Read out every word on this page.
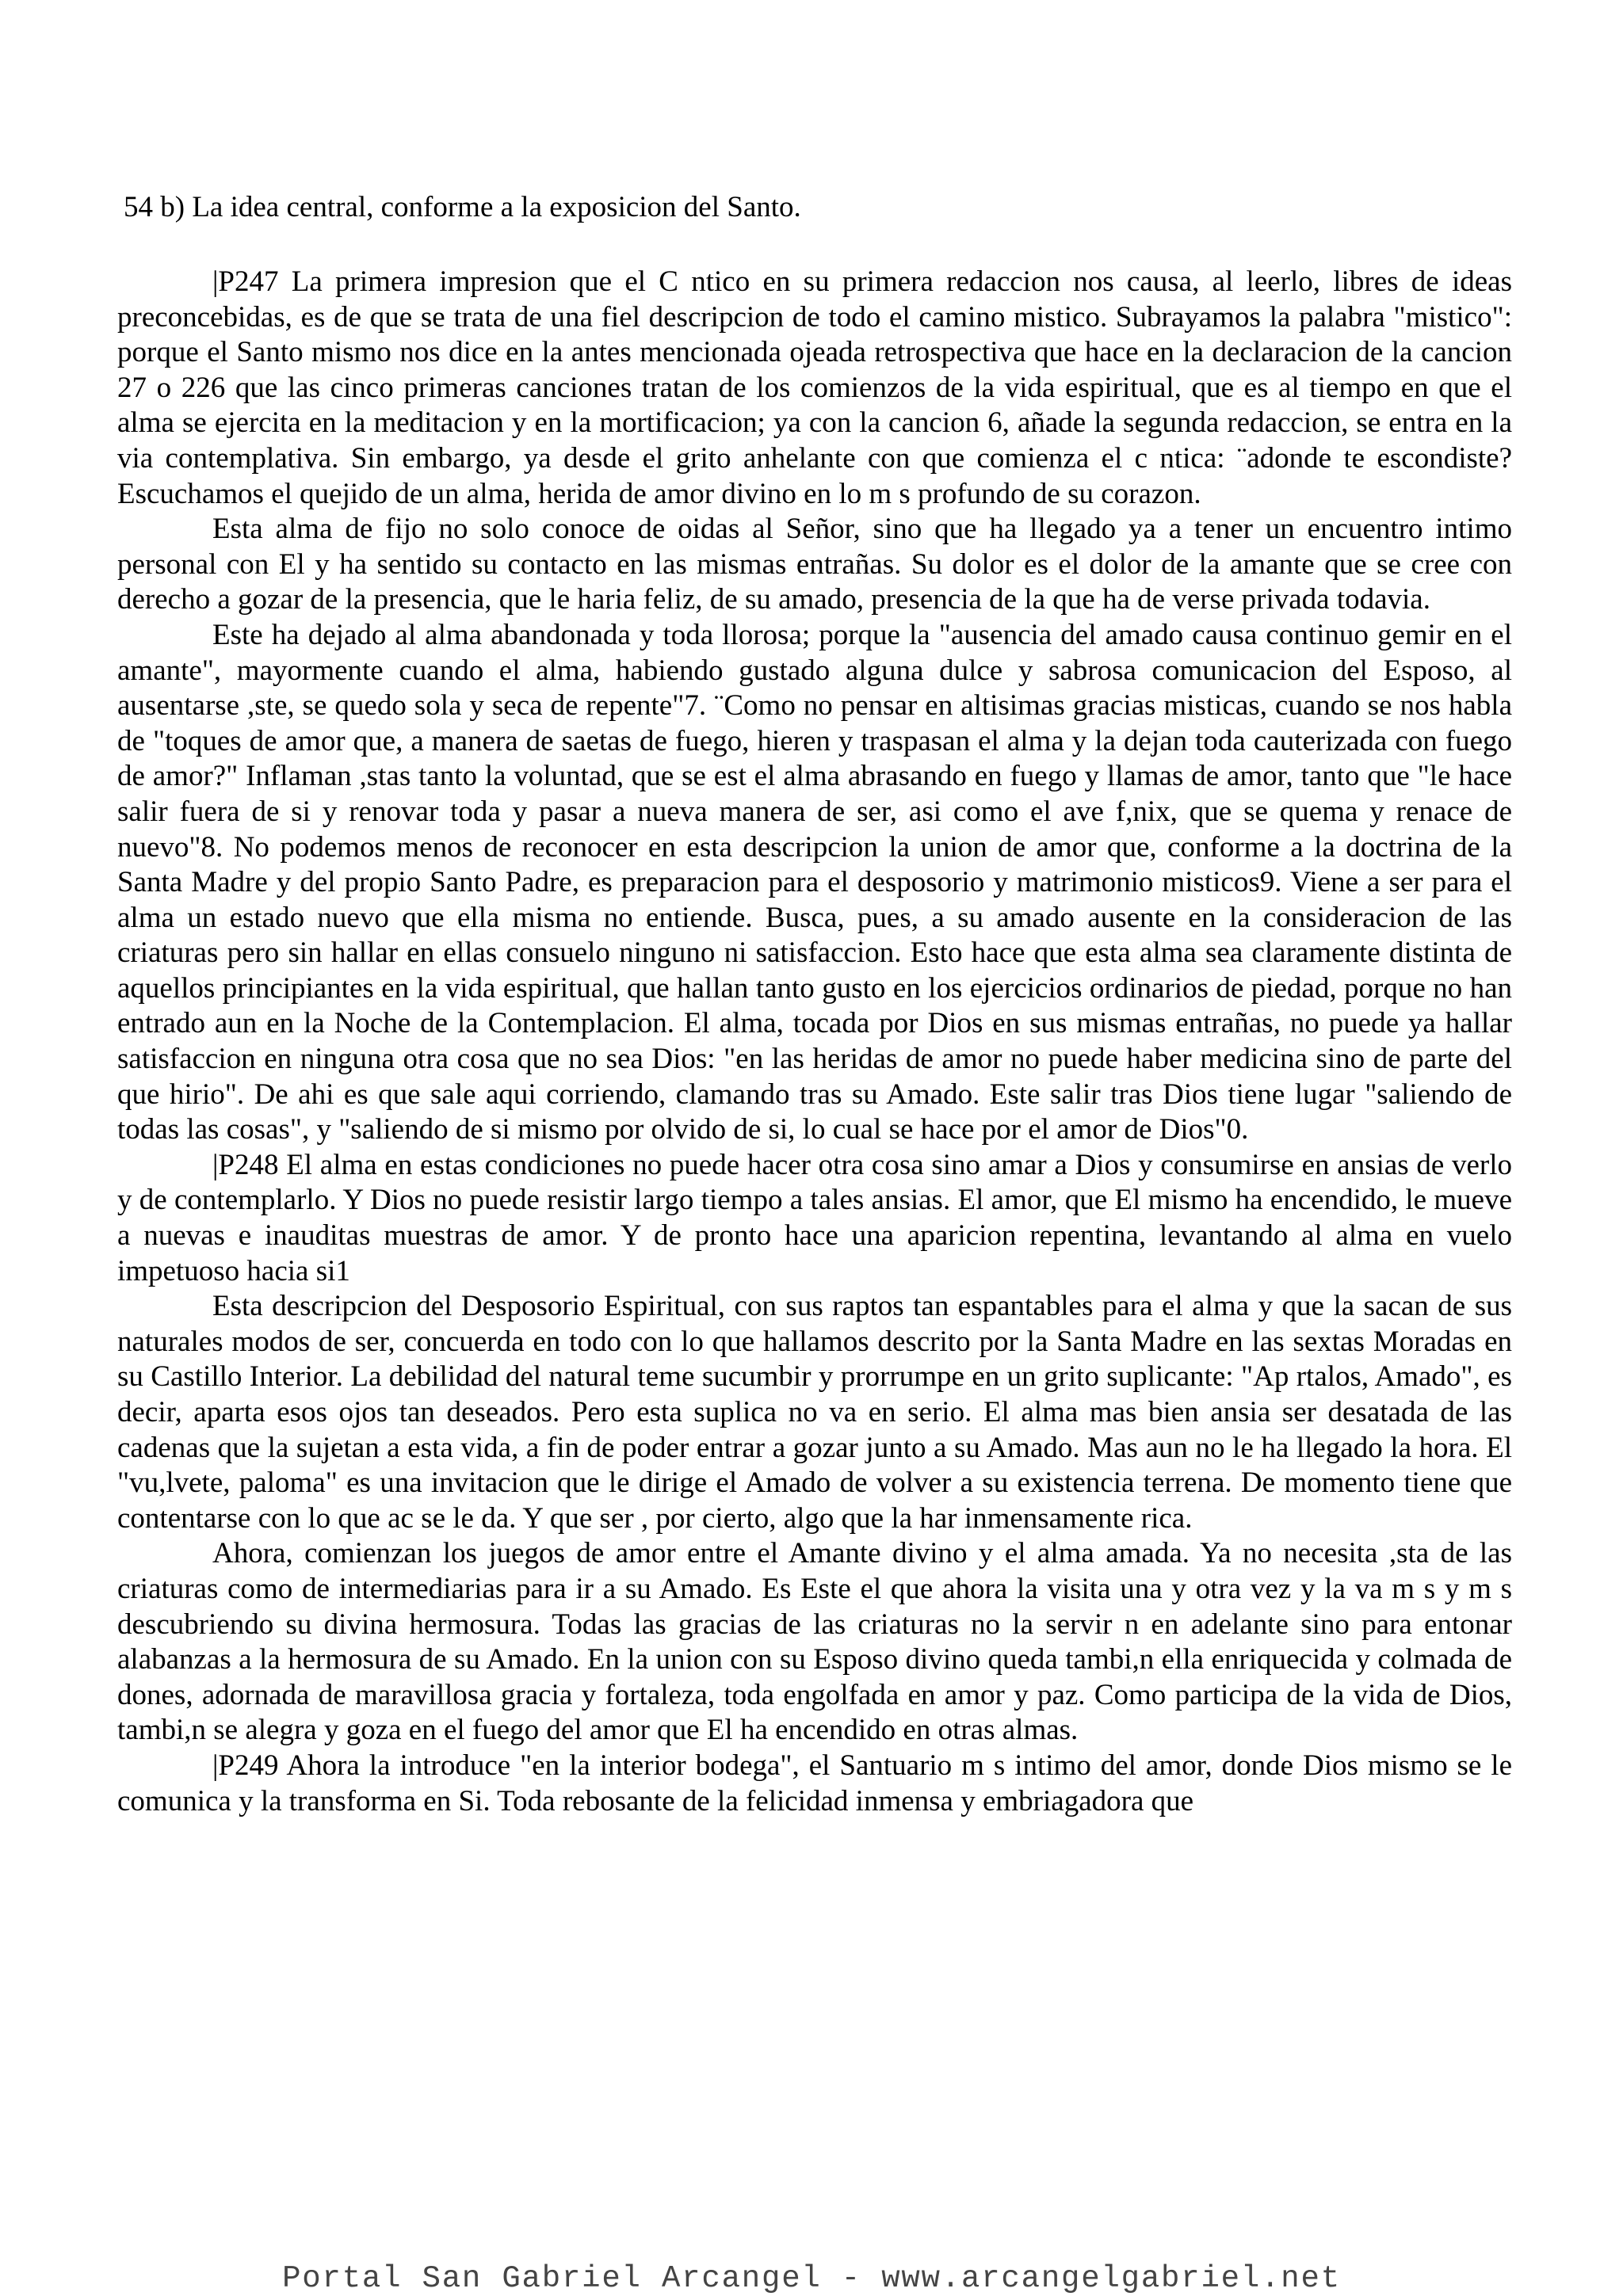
54 b) La idea central, conforme a la exposicion del Santo.

|P247 La primera impresion que el C ntico en su primera redaccion nos causa, al leerlo, libres de ideas preconcebidas, es de que se trata de una fiel descripcion de todo el camino mistico. Subrayamos la palabra "mistico": porque el Santo mismo nos dice en la antes mencionada ojeada retrospectiva que hace en la declaracion de la cancion 27 o 226 que las cinco primeras canciones tratan de los comienzos de la vida espiritual, que es al tiempo en que el alma se ejercita en la meditacion y en la mortificacion; ya con la cancion 6, añade la segunda redaccion, se entra en la via contemplativa. Sin embargo, ya desde el grito anhelante con que comienza el c ntica: ¨adonde te escondiste? Escuchamos el quejido de un alma, herida de amor divino en lo m s profundo de su corazon.

Esta alma de fijo no solo conoce de oidas al Señor, sino que ha llegado ya a tener un encuentro intimo personal con El y ha sentido su contacto en las mismas entrañas. Su dolor es el dolor de la amante que se cree con derecho a gozar de la presencia, que le haria feliz, de su amado, presencia de la que ha de verse privada todavia.

Este ha dejado al alma abandonada y toda llorosa; porque la "ausencia del amado causa continuo gemir en el amante", mayormente cuando el alma, habiendo gustado alguna dulce y sabrosa comunicacion del Esposo, al ausentarse ,ste, se quedo sola y seca de repente"7. ¨Como no pensar en altisimas gracias misticas, cuando se nos habla de "toques de amor que, a manera de saetas de fuego, hieren y traspasan el alma y la dejan toda cauterizada con fuego de amor?" Inflaman ,stas tanto la voluntad, que se est el alma abrasando en fuego y llamas de amor, tanto que "le hace salir fuera de si y renovar toda y pasar a nueva manera de ser, asi como el ave f,nix, que se quema y renace de nuevo"8. No podemos menos de reconocer en esta descripcion la union de amor que, conforme a la doctrina de la Santa Madre y del propio Santo Padre, es preparacion para el desposorio y matrimonio misticos9. Viene a ser para el alma un estado nuevo que ella misma no entiende. Busca, pues, a su amado ausente en la consideracion de las criaturas pero sin hallar en ellas consuelo ninguno ni satisfaccion. Esto hace que esta alma sea claramente distinta de aquellos principiantes en la vida espiritual, que hallan tanto gusto en los ejercicios ordinarios de piedad, porque no han entrado aun en la Noche de la Contemplacion. El alma, tocada por Dios en sus mismas entrañas, no puede ya hallar satisfaccion en ninguna otra cosa que no sea Dios: "en las heridas de amor no puede haber medicina sino de parte del que hirio". De ahi es que sale aqui corriendo, clamando tras su Amado. Este salir tras Dios tiene lugar "saliendo de todas las cosas", y "saliendo de si mismo por olvido de si, lo cual se hace por el amor de Dios"0.

|P248 El alma en estas condiciones no puede hacer otra cosa sino amar a Dios y consumirse en ansias de verlo y de contemplarlo. Y Dios no puede resistir largo tiempo a tales ansias. El amor, que El mismo ha encendido, le mueve a nuevas e inauditas muestras de amor. Y de pronto hace una aparicion repentina, levantando al alma en vuelo impetuoso hacia si1

Esta descripcion del Desposorio Espiritual, con sus raptos tan espantables para el alma y que la sacan de sus naturales modos de ser, concuerda en todo con lo que hallamos descrito por la Santa Madre en las sextas Moradas en su Castillo Interior. La debilidad del natural teme sucumbir y prorrumpe en un grito suplicante: "Ap rtalos, Amado", es decir, aparta esos ojos tan deseados. Pero esta suplica no va en serio. El alma mas bien ansia ser desatada de las cadenas que la sujetan a esta vida, a fin de poder entrar a gozar junto a su Amado. Mas aun no le ha llegado la hora. El "vu,lvete, paloma" es una invitacion que le dirige el Amado de volver a su existencia terrena. De momento tiene que contentarse con lo que ac se le da. Y que ser , por cierto, algo que la har inmensamente rica.

Ahora, comienzan los juegos de amor entre el Amante divino y el alma amada. Ya no necesita ,sta de las criaturas como de intermediarias para ir a su Amado. Es Este el que ahora la visita una y otra vez y la va m s y m s descubriendo su divina hermosura. Todas las gracias de las criaturas no la servir n en adelante sino para entonar alabanzas a la hermosura de su Amado. En la union con su Esposo divino queda tambi,n ella enriquecida y colmada de dones, adornada de maravillosa gracia y fortaleza, toda engolfada en amor y paz. Como participa de la vida de Dios, tambi,n se alegra y goza en el fuego del amor que El ha encendido en otras almas.

|P249 Ahora la introduce "en la interior bodega", el Santuario m s intimo del amor, donde Dios mismo se le comunica y la transforma en Si. Toda rebosante de la felicidad inmensa y embriagadora que

Portal San Gabriel Arcangel - www.arcangelgabriel.net
